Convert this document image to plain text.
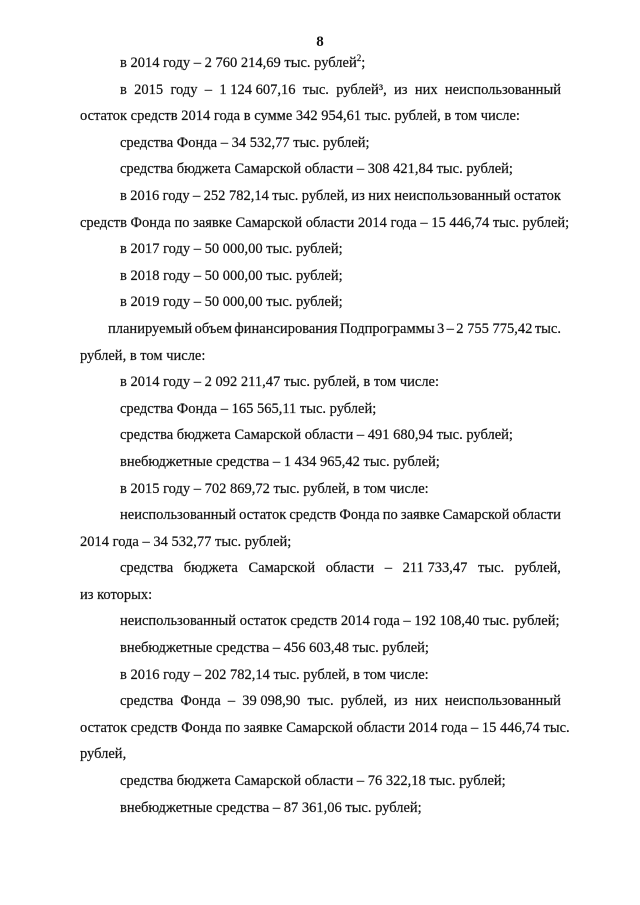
8
в 2014 году – 2 760 214,69 тыс. рублей$^2$;
в 2015 году – 1 124 607,16 тыс. рублей³, из них неиспользованный
остаток средств 2014 года в сумме 342 954,61 тыс. рублей, в том числе:
средства Фонда – 34 532,77 тыс. рублей;
средства бюджета Самарской области – 308 421,84 тыс. рублей;
в 2016 году – 252 782,14 тыс. рублей, из них неиспользованный остаток
средств Фонда по заявке Самарской области 2014 года – 15 446,74 тыс. рублей;
в 2017 году – 50 000,00 тыс. рублей;
в 2018 году – 50 000,00 тыс. рублей;
в 2019 году – 50 000,00 тыс. рублей;
планируемый объем финансирования Подпрограммы 3 – 2 755 775,42 тыс.
рублей, в том числе:
в 2014 году – 2 092 211,47 тыс. рублей, в том числе:
средства Фонда – 165 565,11 тыс. рублей;
средства бюджета Самарской области – 491 680,94 тыс. рублей;
внебюджетные средства – 1 434 965,42 тыс. рублей;
в 2015 году – 702 869,72 тыс. рублей, в том числе:
неиспользованный остаток средств Фонда по заявке Самарской области
2014 года – 34 532,77 тыс. рублей;
средства бюджета Самарской области – 211 733,47 тыс. рублей,
из которых:
неиспользованный остаток средств 2014 года – 192 108,40 тыс. рублей;
внебюджетные средства – 456 603,48 тыс. рублей;
в 2016 году – 202 782,14 тыс. рублей, в том числе:
средства Фонда – 39 098,90 тыс. рублей, из них неиспользованный
остаток средств Фонда по заявке Самарской области 2014 года – 15 446,74 тыс.
рублей,
средства бюджета Самарской области – 76 322,18 тыс. рублей;
внебюджетные средства – 87 361,06 тыс. рублей;
